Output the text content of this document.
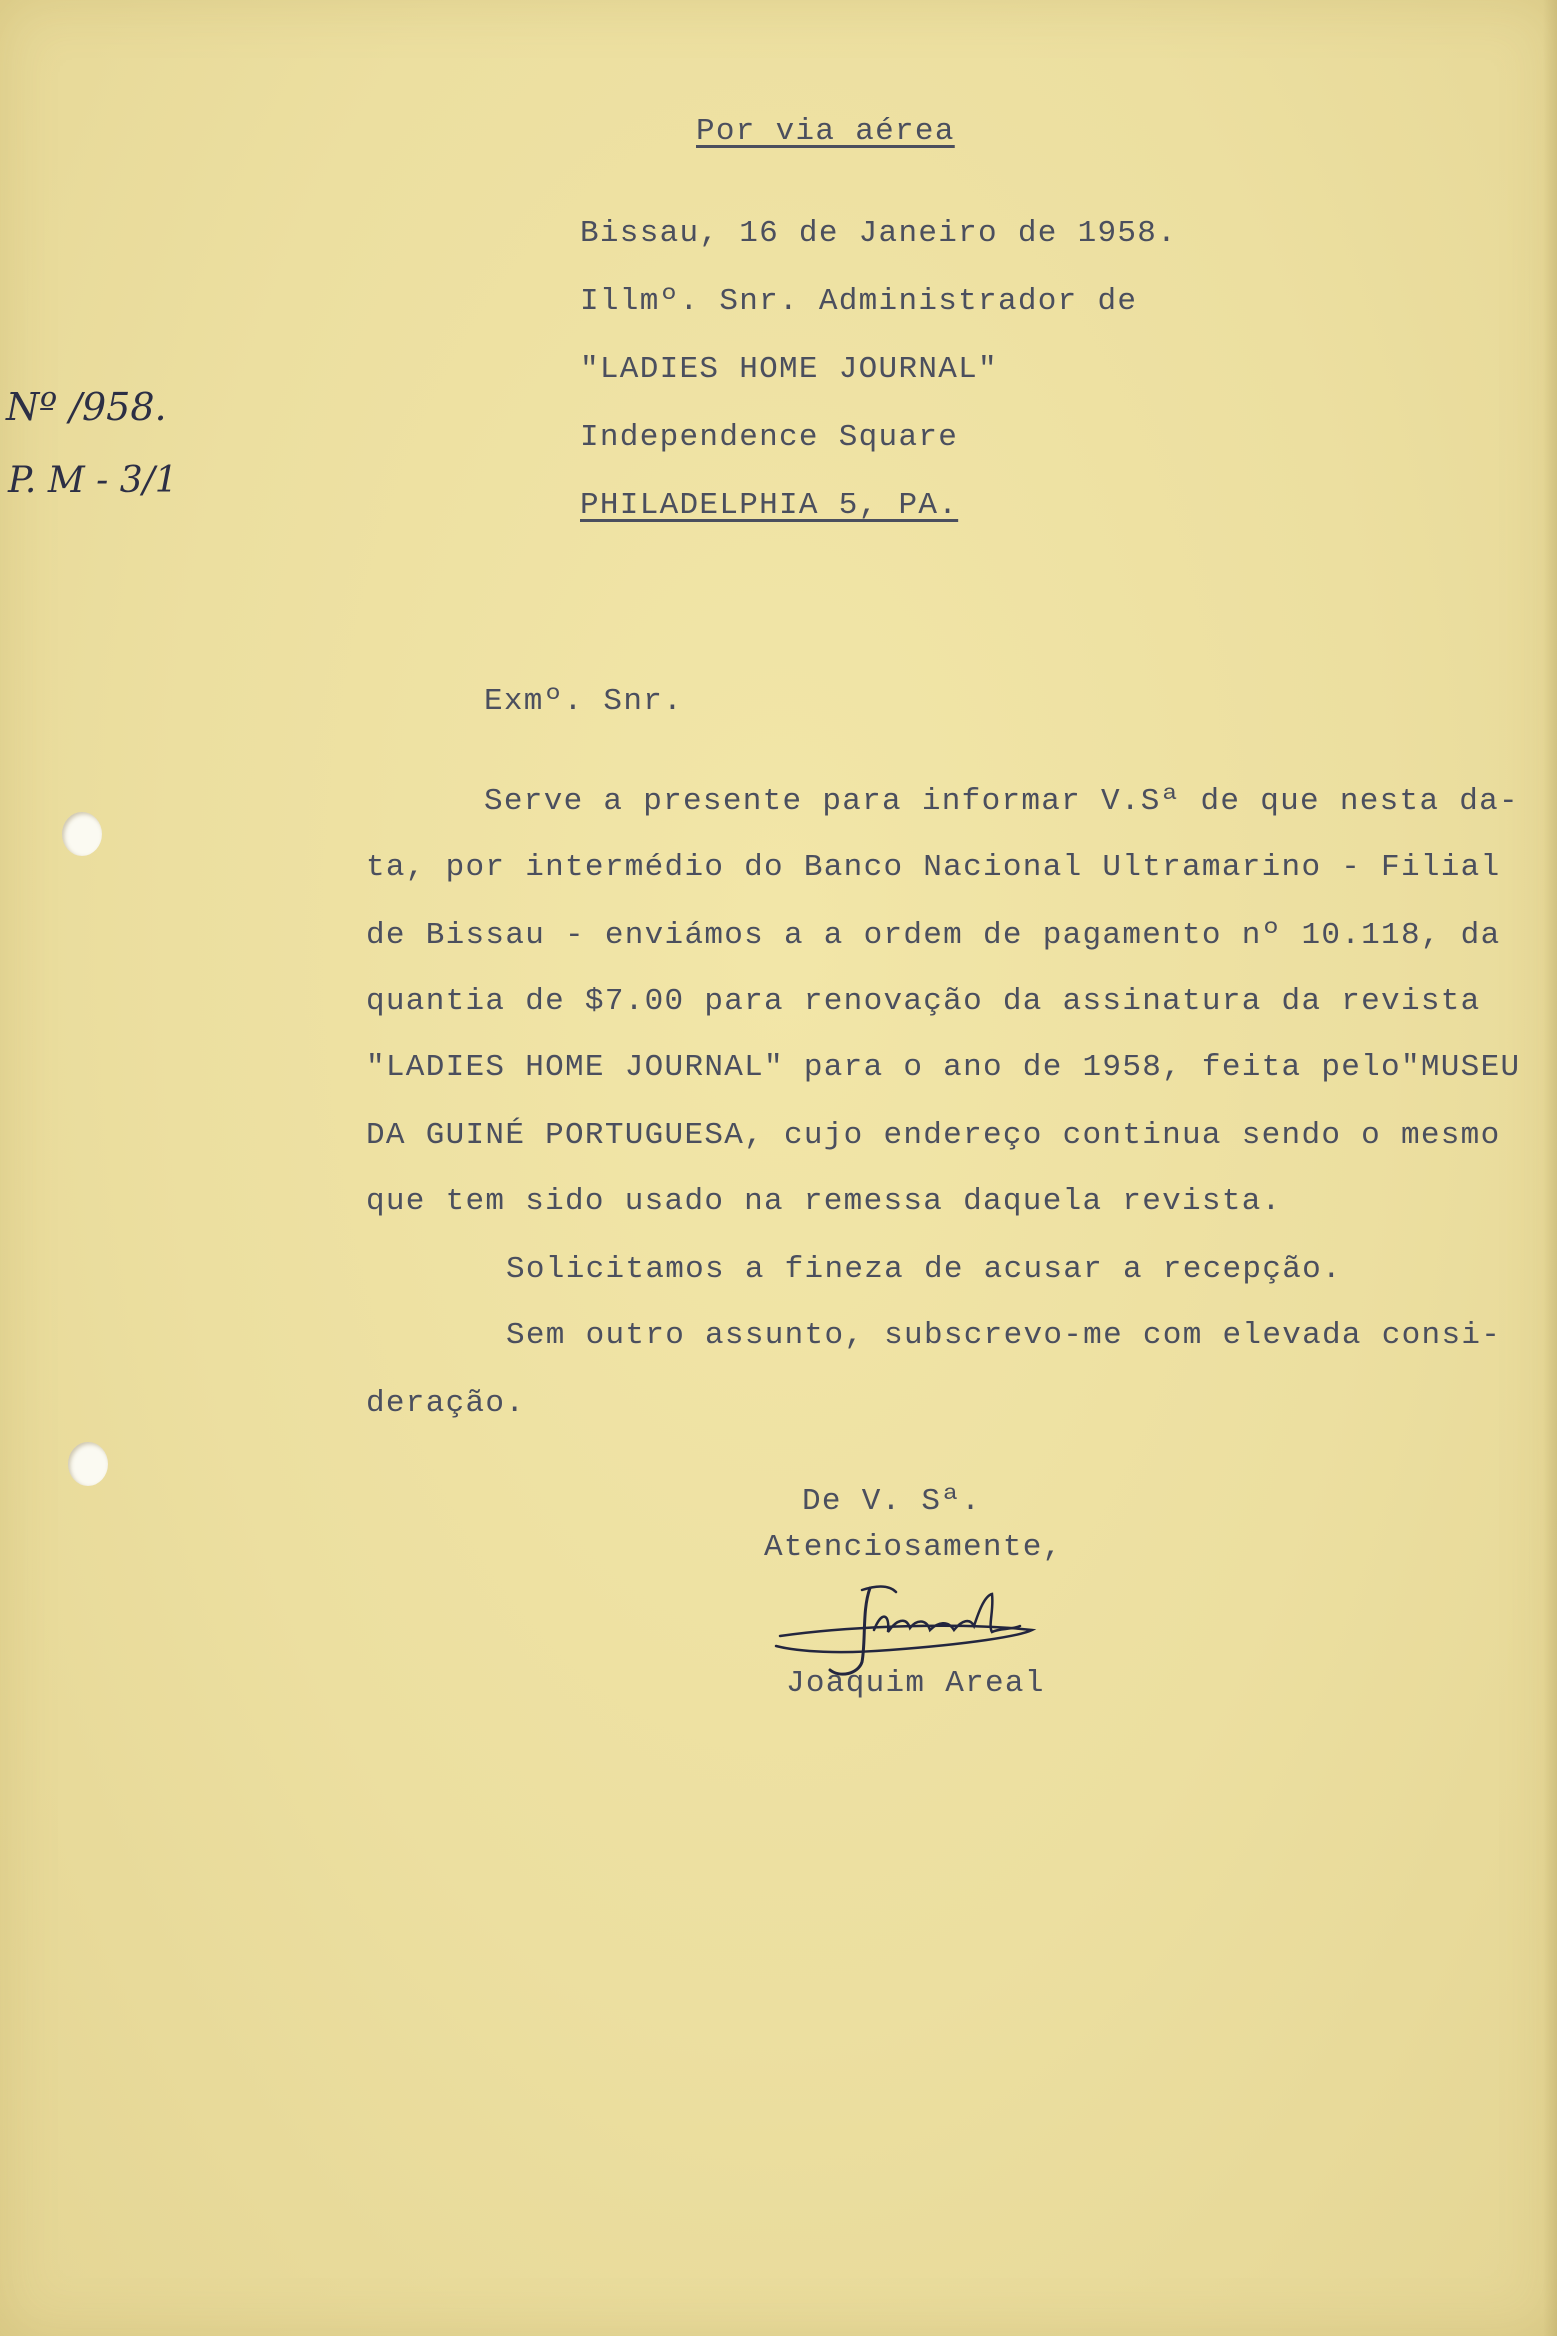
Nº /958.
P. M - 3/1
Por via aérea
Bissau, 16 de Janeiro de 1958.
Illmº. Snr. Administrador de
"LADIES HOME JOURNAL"
Independence Square
PHILADELPHIA 5, PA.
Exmº. Snr.
Serve a presente para informar V.Sª de que nesta da-
ta, por intermédio do Banco Nacional Ultramarino - Filial
de Bissau - enviámos a a ordem de pagamento nº 10.118, da
quantia de $7.00 para renovação da assinatura da revista
"LADIES HOME JOURNAL" para o ano de 1958, feita pelo"MUSEU
DA GUINÉ PORTUGUESA, cujo endereço continua sendo o mesmo
que tem sido usado na remessa daquela revista.
Solicitamos a fineza de acusar a recepção.
Sem outro assunto, subscrevo-me com elevada consi-
deração.
De V. Sª.
Atenciosamente,
Joaquim Areal
